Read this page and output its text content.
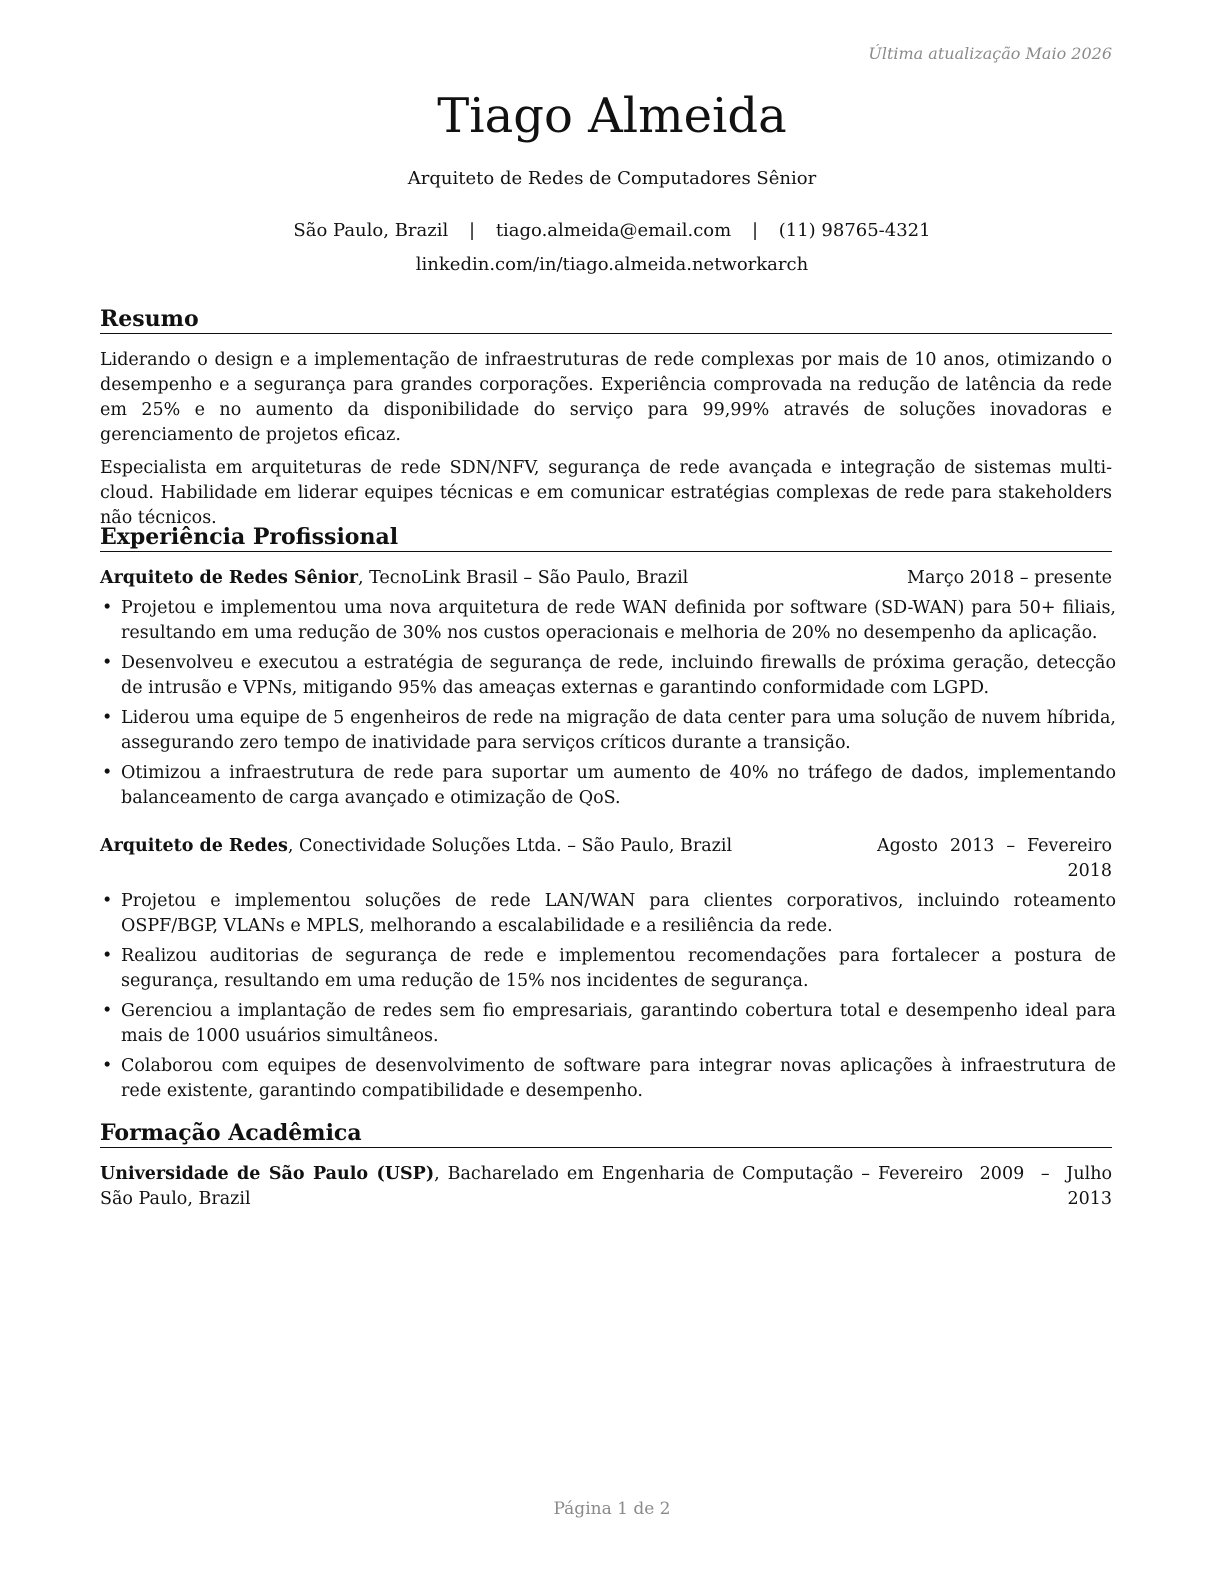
Última atualização Maio 2026
Tiago Almeida
Arquiteto de Redes de Computadores Sênior
São Paulo, Brazil | tiago.almeida@email.com | (11) 98765-4321
linkedin.com/in/tiago.almeida.networkarch
Resumo

Liderando o design e a implementação de infraestruturas de rede complexas por mais de 10 anos, otimizando o desempenho e a segurança para grandes corporações. Experiência comprovada na redução de latência da rede em 25% e no aumento da disponibilidade do serviço para 99,99% através de soluções inovadoras e gerenciamento de projetos eficaz.

Especialista em arquiteturas de rede SDN/NFV, segurança de rede avançada e integração de sistemas multi-cloud. Habilidade em liderar equipes técnicas e em comunicar estratégias complexas de rede para stakeholders não técnicos.

Experiência Profissional
Arquiteto de Redes Sênior, TecnoLink Brasil – São Paulo, Brazil	Março 2018 – presente
• Projetou e implementou uma nova arquitetura de rede WAN definida por software (SD-WAN) para 50+ filiais, resultando em uma redução de 30% nos custos operacionais e melhoria de 20% no desempenho da aplicação.
• Desenvolveu e executou a estratégia de segurança de rede, incluindo firewalls de próxima geração, detecção de intrusão e VPNs, mitigando 95% das ameaças externas e garantindo conformidade com LGPD.
• Liderou uma equipe de 5 engenheiros de rede na migração de data center para uma solução de nuvem híbrida, assegurando zero tempo de inatividade para serviços críticos durante a transição.
• Otimizou a infraestrutura de rede para suportar um aumento de 40% no tráfego de dados, implementando balanceamento de carga avançado e otimização de QoS.
Arquiteto de Redes, Conectividade Soluções Ltda. – São Paulo, Brazil	Agosto 2013 – Fevereiro 2018
• Projetou e implementou soluções de rede LAN/WAN para clientes corporativos, incluindo roteamento OSPF/BGP, VLANs e MPLS, melhorando a escalabilidade e a resiliência da rede.
• Realizou auditorias de segurança de rede e implementou recomendações para fortalecer a postura de segurança, resultando em uma redução de 15% nos incidentes de segurança.
• Gerenciou a implantação de redes sem fio empresariais, garantindo cobertura total e desempenho ideal para mais de 1000 usuários simultâneos.
• Colaborou com equipes de desenvolvimento de software para integrar novas aplicações à infraestrutura de rede existente, garantindo compatibilidade e desempenho.
Formação Acadêmica
Universidade de São Paulo (USP), Bacharelado em Engenharia de Computação – São Paulo, Brazil
Fevereiro 2009 – Julho 2013
Página 1 de 2
